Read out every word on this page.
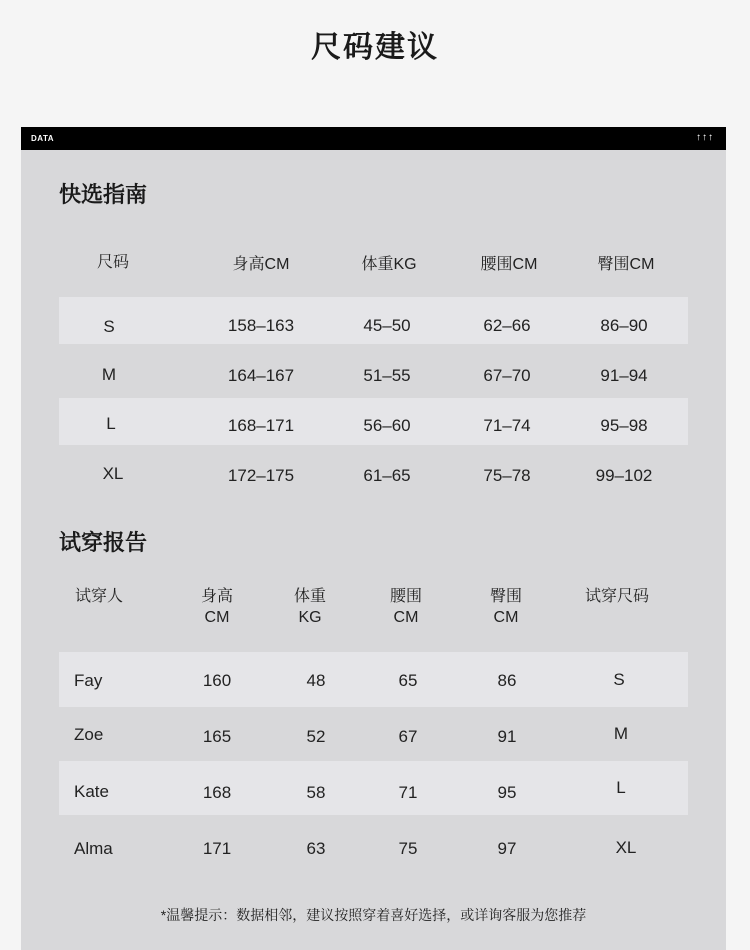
尺码建议
DATA	↑↑↑
快选指南
尺码	身高CM	体重KG	腰围CM	臀围CM
S	158–163	45–50	62–66	86–90
M	164–167	51–55	67–70	91–94
L	168–171	56–60	71–74	95–98
XL	172–175	61–65	75–78	99–102
试穿报告
试穿人	身高	体重	腰围	臀围	试穿尺码
CM	KG	CM	CM
Fay	160	48	65	86	S
Zoe	165	52	67	91	M
Kate	168	58	71	95	L
Alma	171	63	75	97	XL
*温馨提示：数据相邻，建议按照穿着喜好选择，或详询客服为您推荐
